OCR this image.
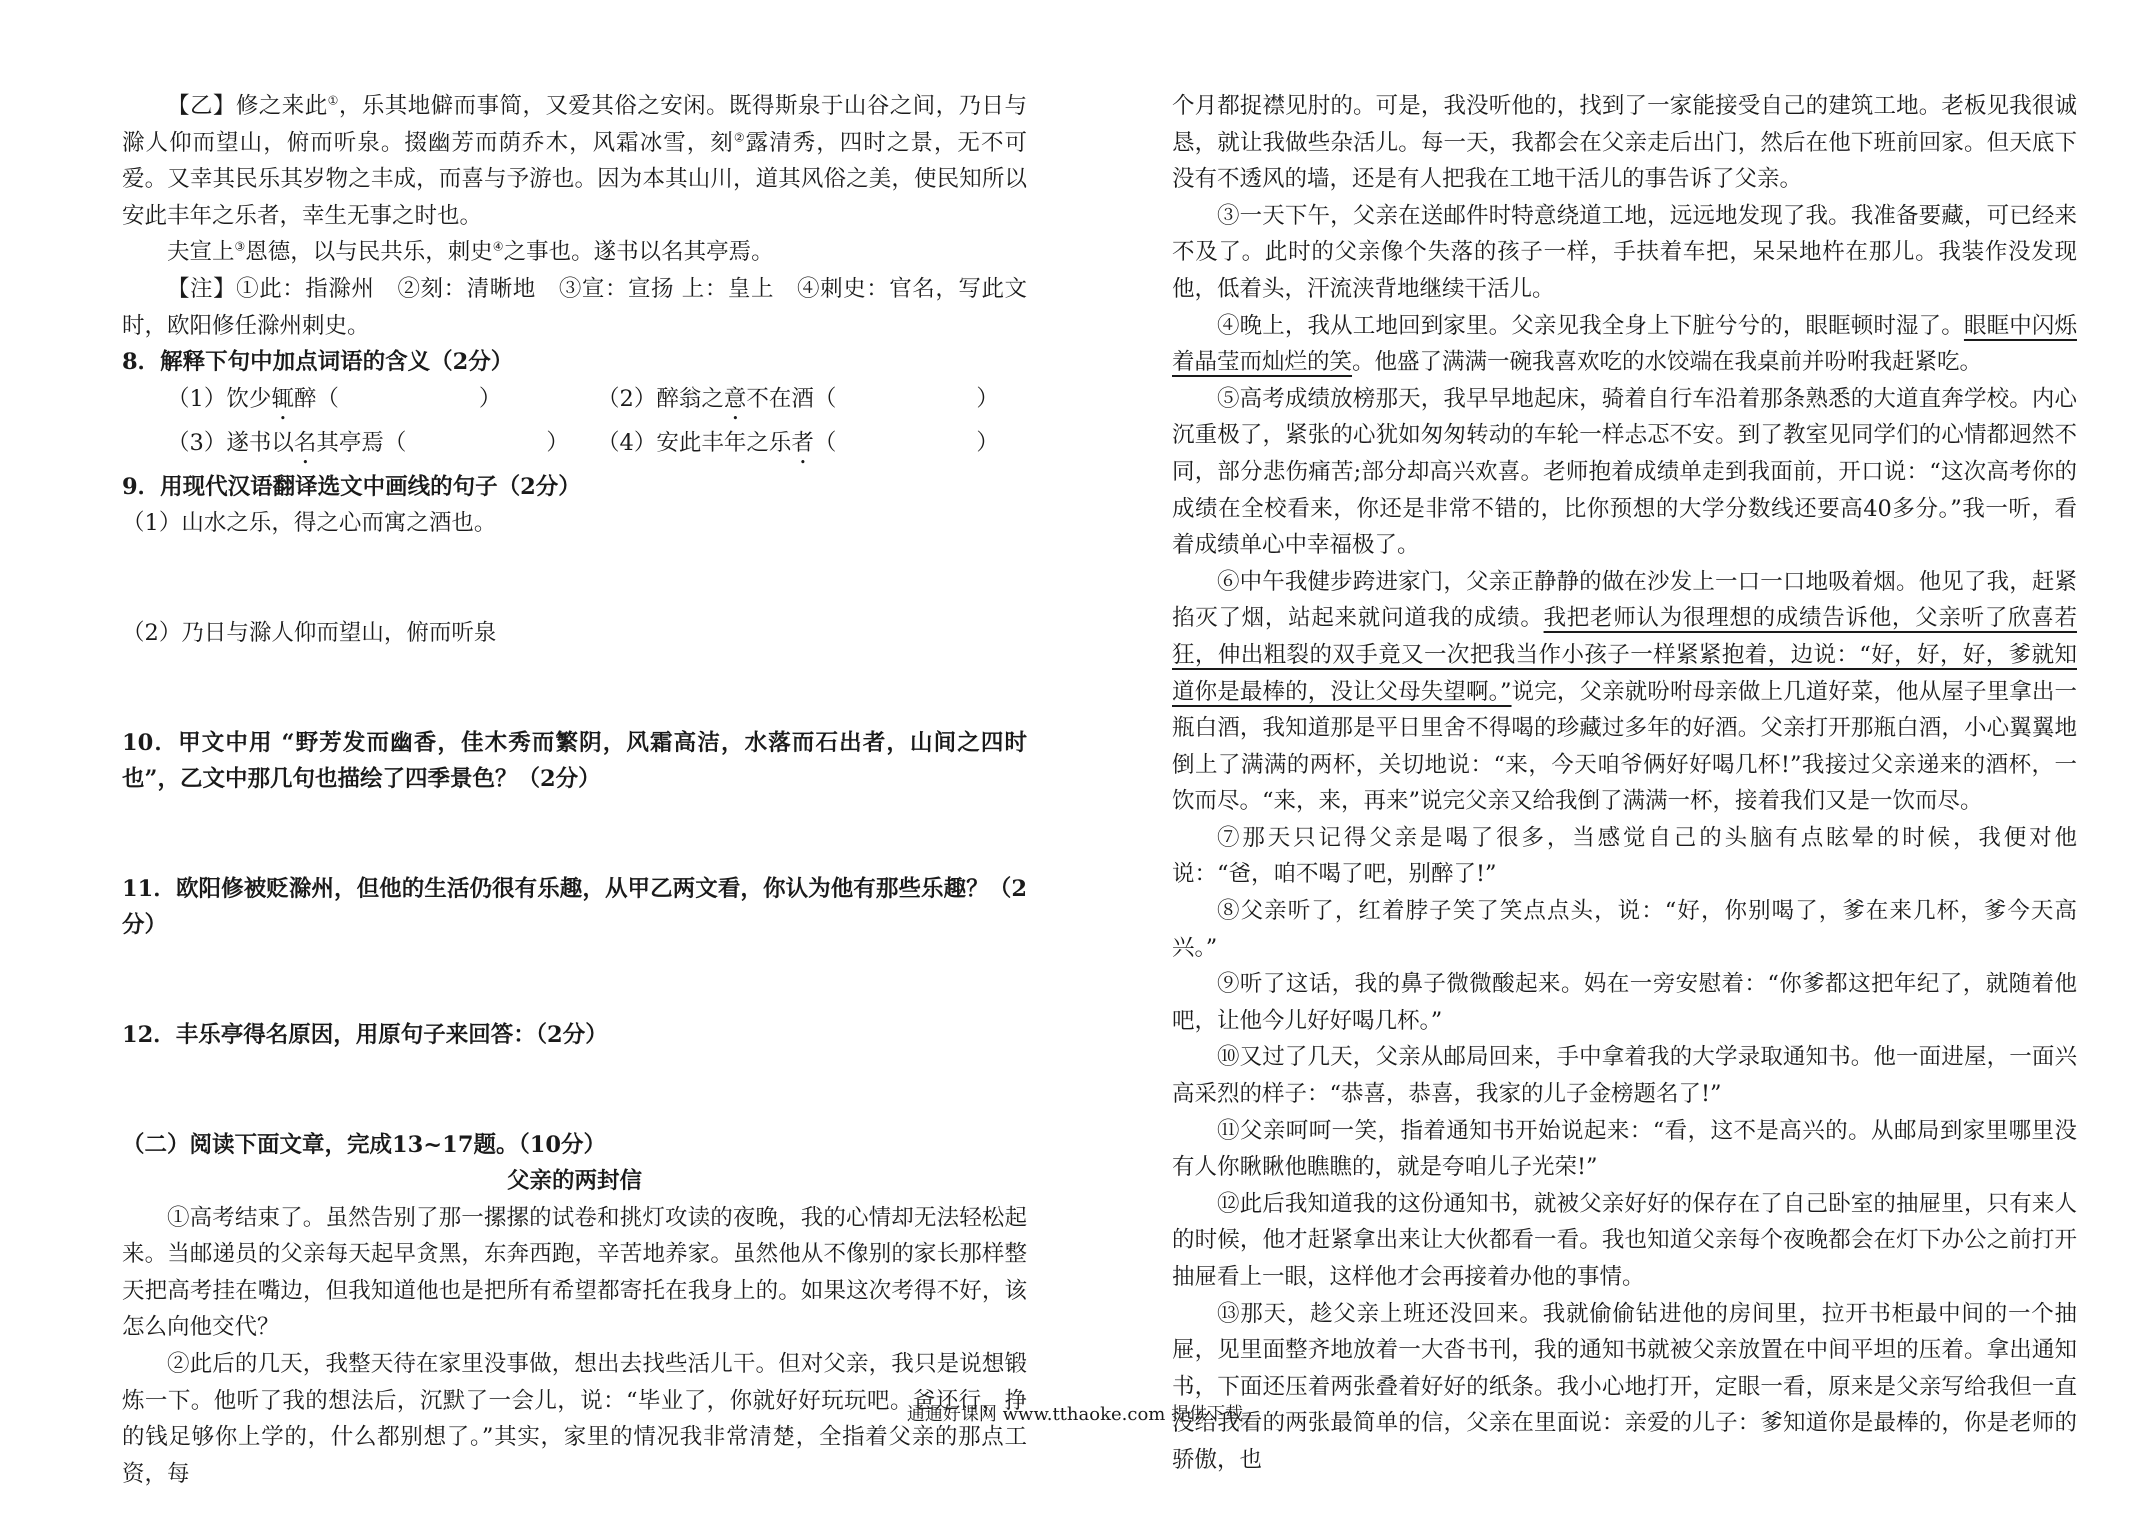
【乙】修之来此①，乐其地僻而事简，又爱其俗之安闲。既得斯泉于山谷之间，乃日与滁人仰而望山，俯而听泉。掇幽芳而荫乔木，风霜冰雪，刻②露清秀，四时之景，无不可爱。又幸其民乐其岁物之丰成，而喜与予游也。因为本其山川，道其风俗之美，使民知所以安此丰年之乐者，幸生无事之时也。

夫宣上③恩德，以与民共乐，刺史④之事也。遂书以名其亭焉。

【注】①此：指滁州　②刻：清晰地　③宣：宣扬 上：皇上　④刺史：官名，写此文时，欧阳修任滁州刺史。

8．解释下句中加点词语的含义（2分）

（1）饮少辄醉（	）	（2）醉翁之意不在酒（	）
（3）遂书以名其亭焉（	）	（4）安此丰年之乐者（	）

9．用现代汉语翻译选文中画线的句子（2分）

（1）山水之乐，得之心而寓之酒也。

（2）乃日与滁人仰而望山，俯而听泉

10．甲文中用 “野芳发而幽香，佳木秀而繁阴，风霜高洁，水落而石出者，山间之四时也”，乙文中那几句也描绘了四季景色？（2分）

11．欧阳修被贬滁州，但他的生活仍很有乐趣，从甲乙两文看，你认为他有那些乐趣？（2分）

12．丰乐亭得名原因，用原句子来回答：（2分）

（二）阅读下面文章，完成13~17题。（10分）

父亲的两封信

①高考结束了。虽然告别了那一摞摞的试卷和挑灯攻读的夜晚，我的心情却无法轻松起来。当邮递员的父亲每天起早贪黑，东奔西跑，辛苦地养家。虽然他从不像别的家长那样整天把高考挂在嘴边，但我知道他也是把所有希望都寄托在我身上的。如果这次考得不好，该怎么向他交代？

②此后的几天，我整天待在家里没事做，想出去找些活儿干。但对父亲，我只是说想锻炼一下。他听了我的想法后，沉默了一会儿，说：“毕业了，你就好好玩玩吧。爸还行，挣的钱足够你上学的，什么都别想了。”其实，家里的情况我非常清楚，全指着父亲的那点工资，每

个月都捉襟见肘的。可是，我没听他的，找到了一家能接受自己的建筑工地。老板见我很诚恳，就让我做些杂活儿。每一天，我都会在父亲走后出门，然后在他下班前回家。但天底下没有不透风的墙，还是有人把我在工地干活儿的事告诉了父亲。

③一天下午，父亲在送邮件时特意绕道工地，远远地发现了我。我准备要藏，可已经来不及了。此时的父亲像个失落的孩子一样，手扶着车把，呆呆地杵在那儿。我装作没发现他，低着头，汗流浃背地继续干活儿。

④晚上，我从工地回到家里。父亲见我全身上下脏兮兮的，眼眶顿时湿了。眼眶中闪烁着晶莹而灿烂的笑。他盛了满满一碗我喜欢吃的水饺端在我桌前并吩咐我赶紧吃。

⑤高考成绩放榜那天，我早早地起床，骑着自行车沿着那条熟悉的大道直奔学校。内心沉重极了，紧张的心犹如匆匆转动的车轮一样忐忑不安。到了教室见同学们的心情都迥然不同，部分悲伤痛苦;部分却高兴欢喜。老师抱着成绩单走到我面前，开口说：“这次高考你的成绩在全校看来，你还是非常不错的，比你预想的大学分数线还要高40多分。”我一听，看着成绩单心中幸福极了。

⑥中午我健步跨进家门，父亲正静静的做在沙发上一口一口地吸着烟。他见了我，赶紧掐灭了烟，站起来就问道我的成绩。我把老师认为很理想的成绩告诉他，父亲听了欣喜若狂，伸出粗裂的双手竟又一次把我当作小孩子一样紧紧抱着，边说：“好，好，好，爹就知道你是最棒的，没让父母失望啊。”说完，父亲就吩咐母亲做上几道好菜，他从屋子里拿出一瓶白酒，我知道那是平日里舍不得喝的珍藏过多年的好酒。父亲打开那瓶白酒，小心翼翼地倒上了满满的两杯，关切地说：“来，今天咱爷俩好好喝几杯!”我接过父亲递来的酒杯，一饮而尽。“来，来，再来”说完父亲又给我倒了满满一杯，接着我们又是一饮而尽。

⑦那天只记得父亲是喝了很多，当感觉自己的头脑有点眩晕的时候，我便对他说：“爸，咱不喝了吧，别醉了!”

⑧父亲听了，红着脖子笑了笑点点头，说：“好，你别喝了，爹在来几杯，爹今天高兴。”

⑨听了这话，我的鼻子微微酸起来。妈在一旁安慰着：“你爹都这把年纪了，就随着他吧，让他今儿好好喝几杯。”

⑩又过了几天，父亲从邮局回来，手中拿着我的大学录取通知书。他一面进屋，一面兴高采烈的样子：“恭喜，恭喜，我家的儿子金榜题名了!”

⑪父亲呵呵一笑，指着通知书开始说起来：“看，这不是高兴的。从邮局到家里哪里没有人你瞅瞅他瞧瞧的，就是夸咱儿子光荣!”

⑫此后我知道我的这份通知书，就被父亲好好的保存在了自己卧室的抽屉里，只有来人的时候，他才赶紧拿出来让大伙都看一看。我也知道父亲每个夜晚都会在灯下办公之前打开抽屉看上一眼，这样他才会再接着办他的事情。

⑬那天，趁父亲上班还没回来。我就偷偷钻进他的房间里，拉开书柜最中间的一个抽屉，见里面整齐地放着一大沓书刊，我的通知书就被父亲放置在中间平坦的压着。拿出通知书，下面还压着两张叠着好好的纸条。我小心地打开，定眼一看，原来是父亲写给我但一直没给我看的两张最简单的信，父亲在里面说：亲爱的儿子：爹知道你是最棒的，你是老师的骄傲，也

通通好课网 www.tthaoke.com 提供下载
